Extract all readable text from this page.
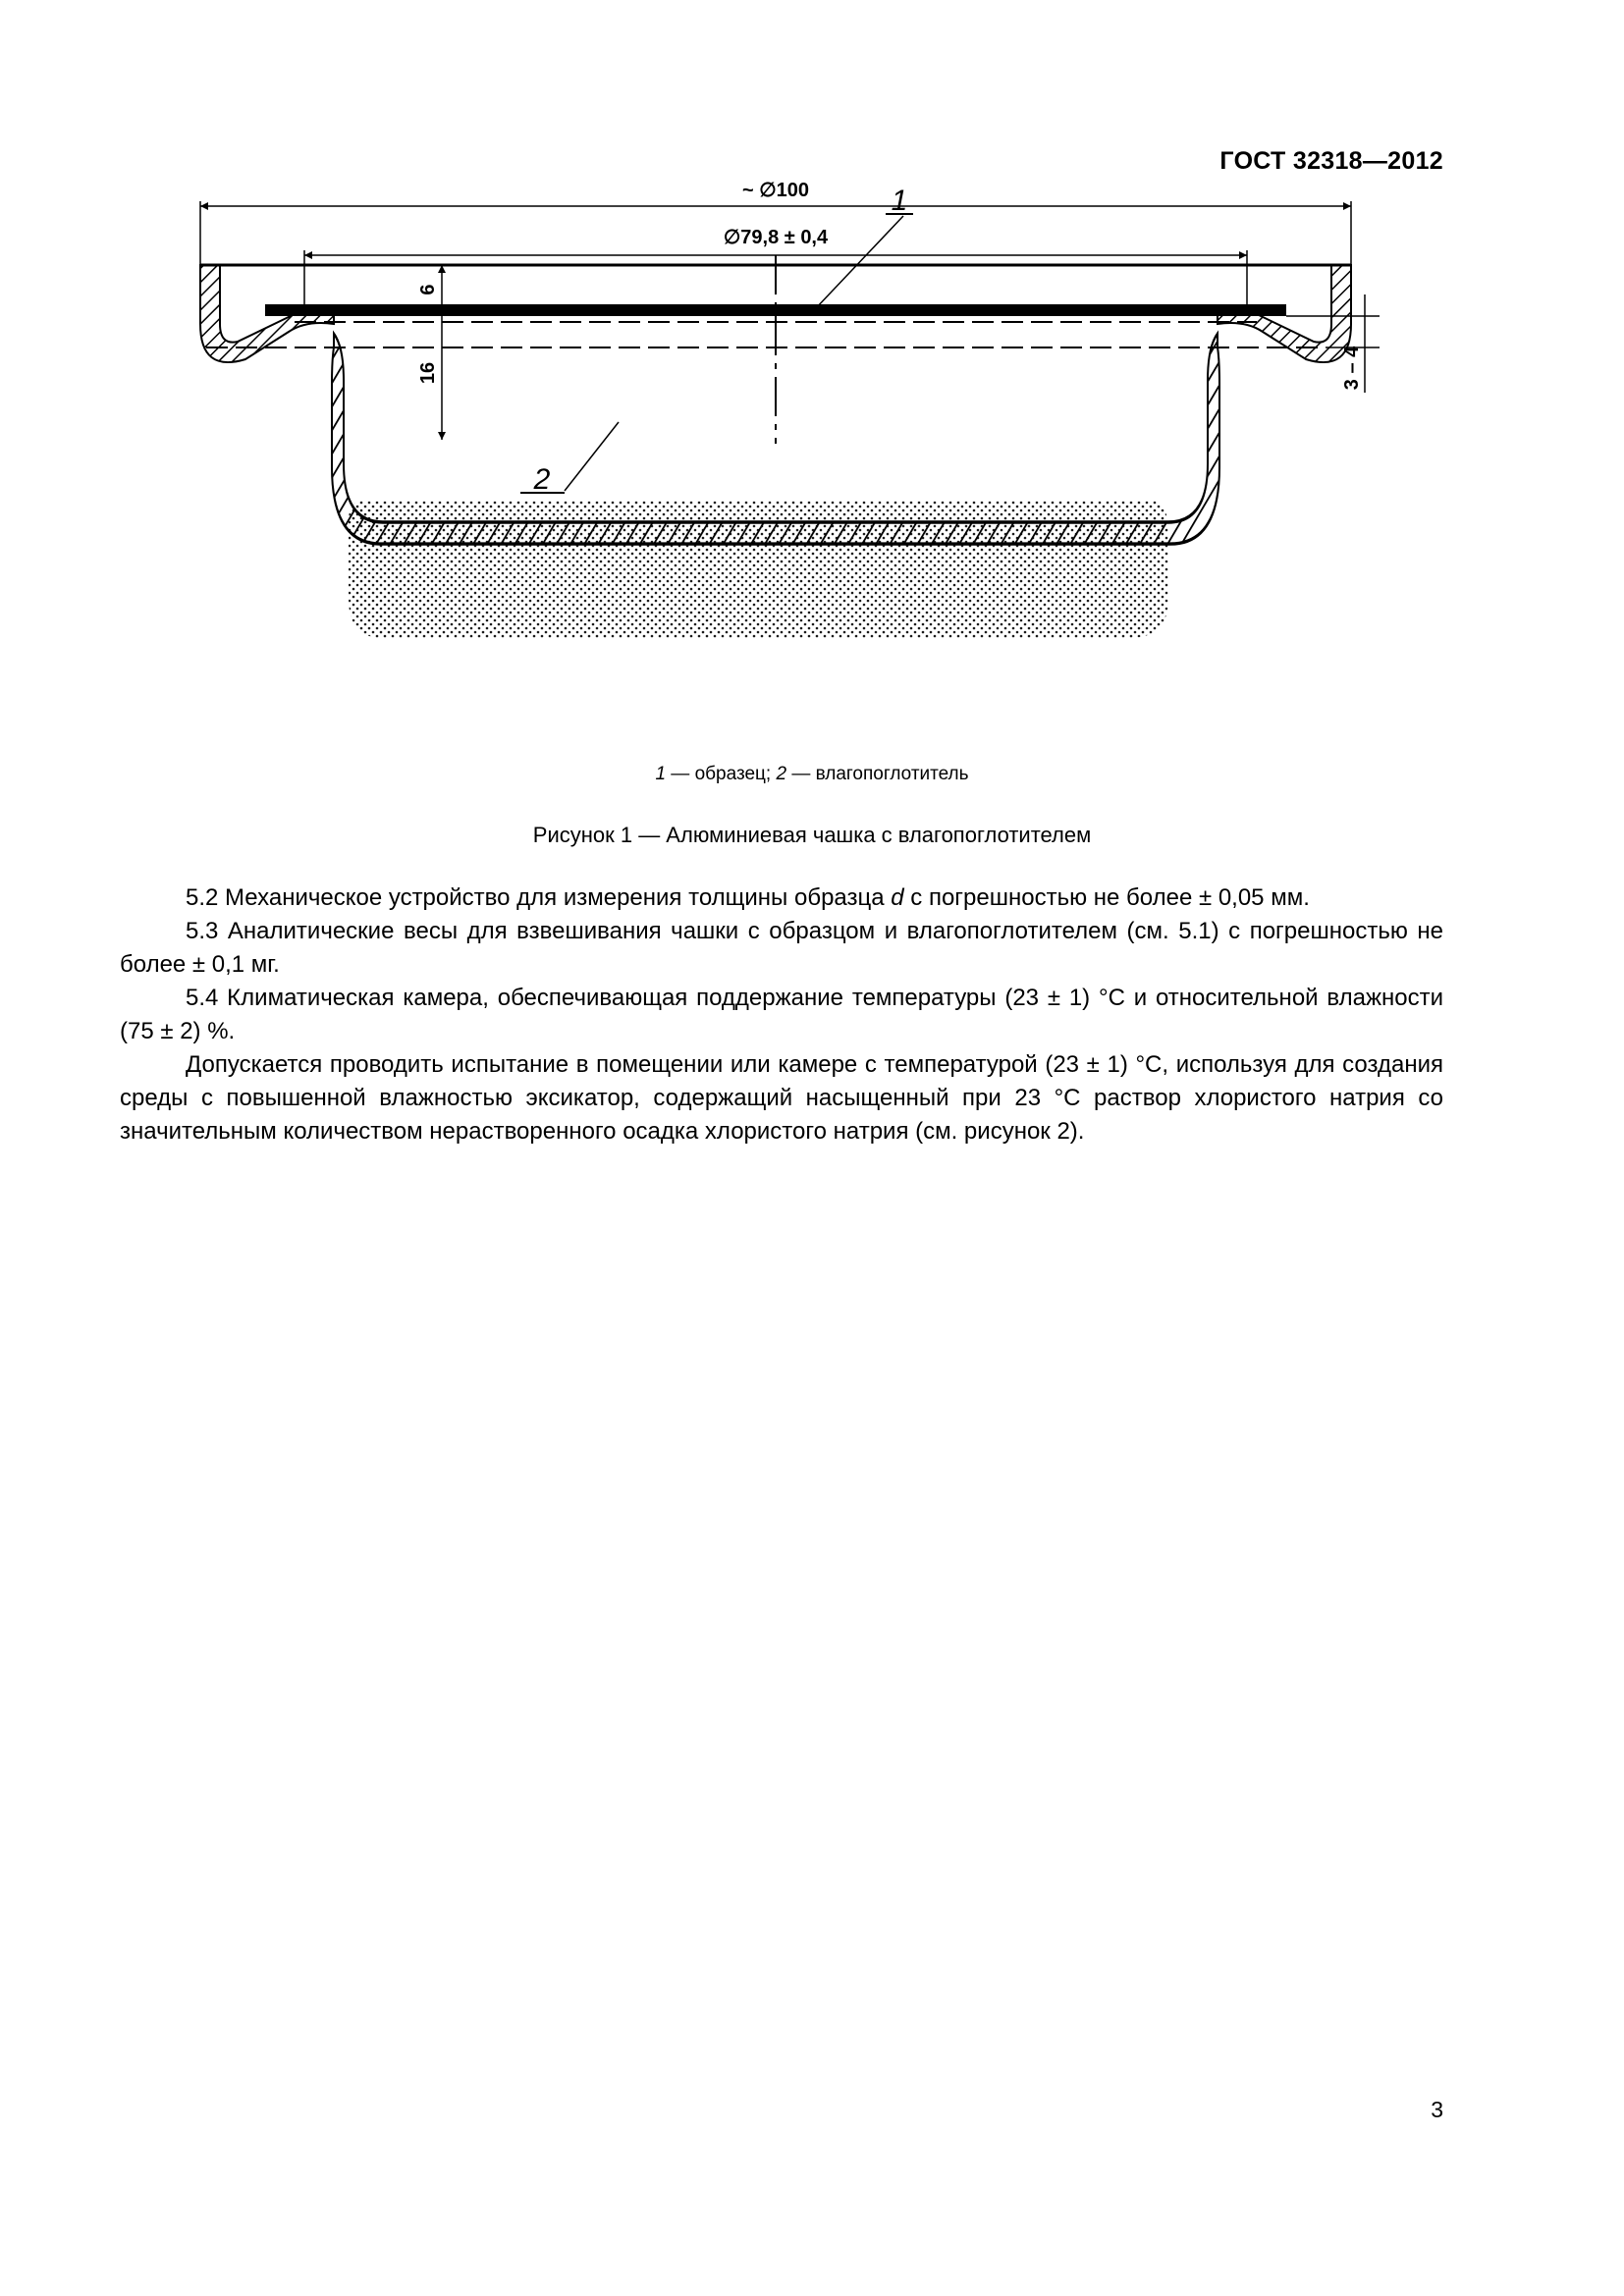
ГОСТ 32318—2012
~ ∅100
∅79,8 ± 0,4
6
16	3 – 4
1
2
1 — образец; 2 — влагопоглотитель
Рисунок 1 — Алюминиевая чашка с влагопоглотителем

5.2 Механическое устройство для измерения толщины образца d с погрешностью не более ± 0,05 мм.

5.3 Аналитические весы для взвешивания чашки с образцом и влагопоглотителем (см. 5.1) с погрешностью не более ± 0,1 мг.

5.4 Климатическая камера, обеспечивающая поддержание температуры (23 ± 1) °С и относительной влажности (75 ± 2) %.

Допускается проводить испытание в помещении или камере с температурой (23 ± 1) °С, используя для создания среды с повышенной влажностью эксикатор, содержащий насыщенный при 23 °С раствор хлористого натрия со значительным количеством нерастворенного осадка хлористого натрия (см. рисунок 2).

3
